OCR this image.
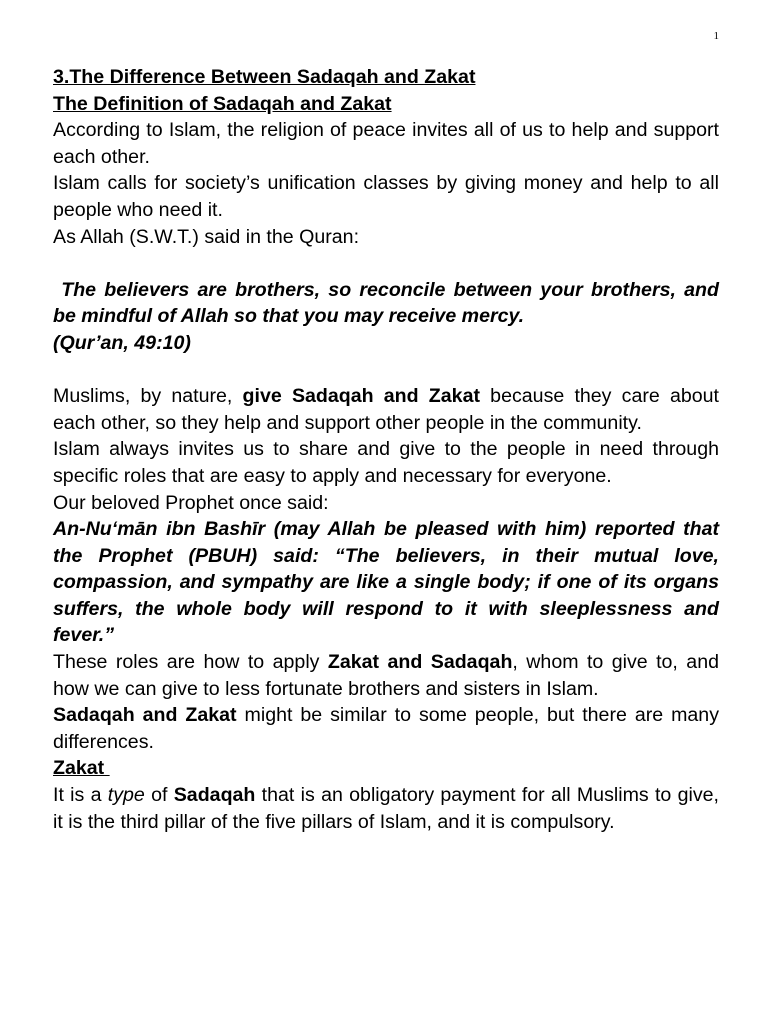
1

3.The Difference Between Sadaqah and Zakat

The Definition of Sadaqah and Zakat

According to Islam, the religion of peace invites all of us to help and support each other.

Islam calls for society’s unification classes by giving money and help to all people who need it.

As Allah (S.W.T.) said in the Quran:

The believers are brothers, so reconcile between your brothers, and be mindful of Allah so that you may receive mercy.

(Qur’an, 49:10)

Muslims, by nature, give Sadaqah and Zakat because they care about each other, so they help and support other people in the community.

Islam always invites us to share and give to the people in need through specific roles that are easy to apply and necessary for everyone.

Our beloved Prophet once said:

An-Nu‘mān ibn Bashīr (may Allah be pleased with him) reported that the Prophet (PBUH) said: “The believers, in their mutual love, compassion, and sympathy are like a single body; if one of its organs suffers, the whole body will respond to it with sleeplessness and fever.”

These roles are how to apply Zakat and Sadaqah, whom to give to, and how we can give to less fortunate brothers and sisters in Islam.

Sadaqah and Zakat might be similar to some people, but there are many differences.

Zakat

It is a type of Sadaqah that is an obligatory payment for all Muslims to give, it is the third pillar of the five pillars of Islam, and it is compulsory.
